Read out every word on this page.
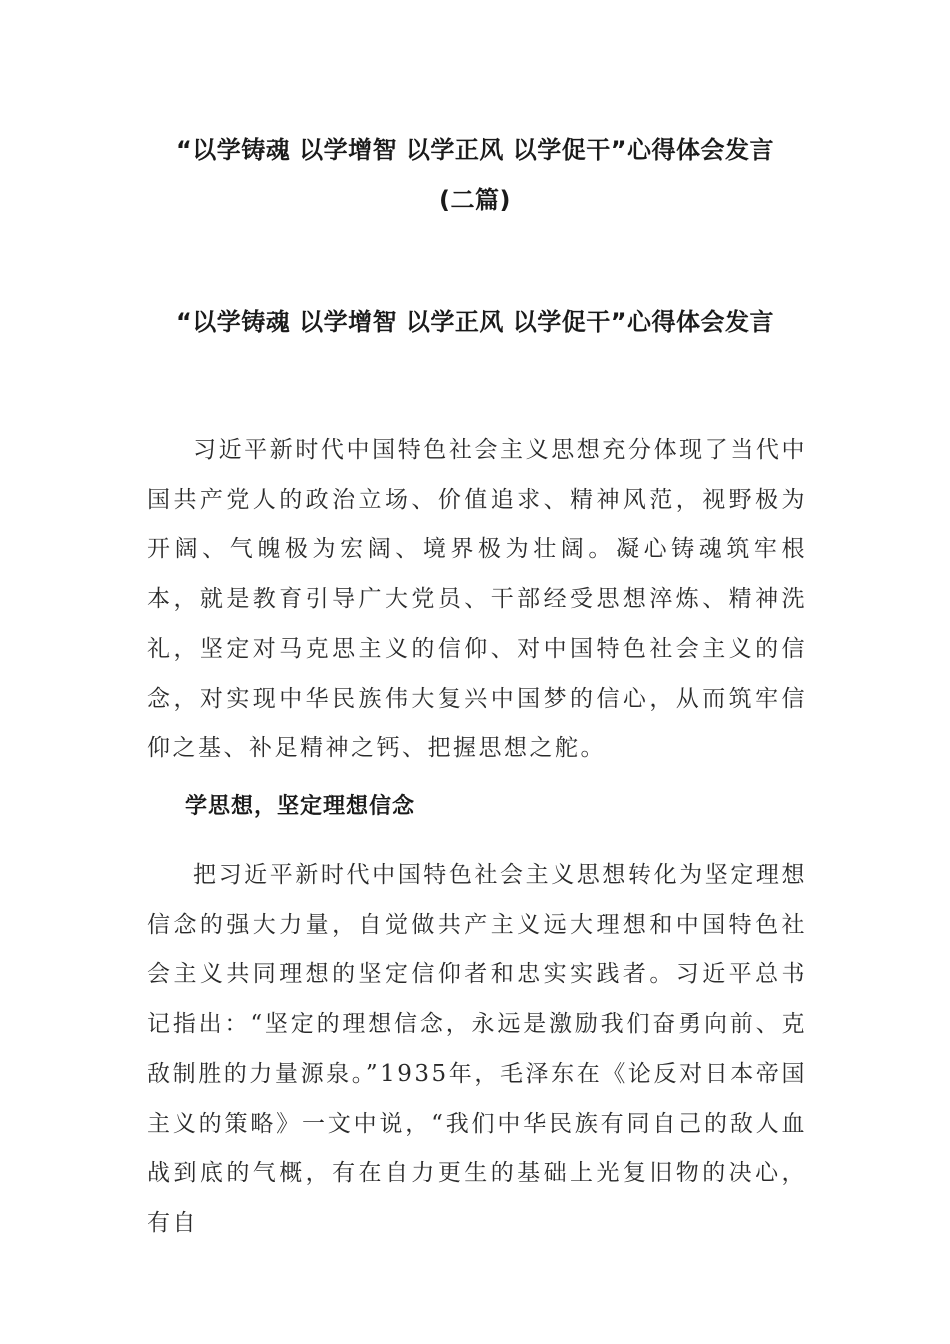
“以学铸魂 以学增智 以学正风 以学促干”心得体会发言
(二篇)
“以学铸魂 以学增智 以学正风 以学促干”心得体会发言

习近平新时代中国特色社会主义思想充分体现了当代中国共产党人的政治立场、价值追求、精神风范，视野极为开阔、气魄极为宏阔、境界极为壮阔。凝心铸魂筑牢根本，就是教育引导广大党员、干部经受思想淬炼、精神洗礼，坚定对马克思主义的信仰、对中国特色社会主义的信念，对实现中华民族伟大复兴中国梦的信心，从而筑牢信仰之基、补足精神之钙、把握思想之舵。

学思想，坚定理想信念

把习近平新时代中国特色社会主义思想转化为坚定理想信念的强大力量，自觉做共产主义远大理想和中国特色社会主义共同理想的坚定信仰者和忠实实践者。习近平总书记指出：“坚定的理想信念，永远是激励我们奋勇向前、克敌制胜的力量源泉。”1935年，毛泽东在《论反对日本帝国主义的策略》一文中说，“我们中华民族有同自己的敌人血战到底的气概，有在自力更生的基础上光复旧物的决心，有自
